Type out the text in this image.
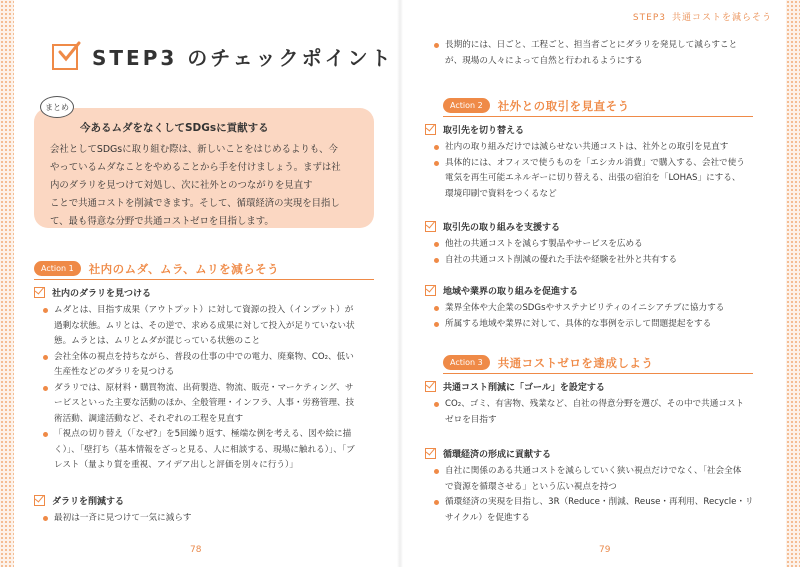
STEP3 のチェックポイント
まとめ
今あるムダをなくしてSDGsに貢献する
会社としてSDGsに取り組む際は、新しいことをはじめるよりも、今
やっているムダなことをやめることから手を付けましょう。まずは社
内のダラリを見つけて対処し、次に社外とのつながりを見直す
ことで共通コストを削減できます。そして、循環経済の実現を目指し
て、最も得意な分野で共通コストゼロを目指します。
Action 1	社内のムダ、ムラ、ムリを減らそう
社内のダラリを見つける
ムダとは、目指す成果（アウトプット）に対して資源の投入（インプット）が
過剰な状態。ムリとは、その逆で、求める成果に対して投入が足りていない状
態。ムラとは、ムリとムダが混じっている状態のこと
会社全体の視点を持ちながら、普段の仕事の中での電力、廃棄物、CO₂、低い
生産性などのダラリを見つける
ダラリでは、原材料・購買物流、出荷製造、物流、販売・マーケティング、サ
ービスといった主要な活動のほか、全般管理・インフラ、人事・労務管理、技
術活動、調達活動など、それぞれの工程を見直す
「視点の切り替え（「なぜ?」を5回繰り返す、極端な例を考える、図や絵に描
く）」、「壁打ち（基本情報をざっと見る、人に相談する、現場に触れる）」、「ブ
レスト（量より質を重視、アイデア出しと評価を別々に行う）」
ダラリを削減する
最初は一斉に見つけて一気に減らす
78
STEP3 共通コストを減らそう
長期的には、日ごと、工程ごと、担当者ごとにダラリを発見して減らすこと
が、現場の人々によって自然と行われるようにする
Action 2	社外との取引を見直そう
取引先を切り替える
社内の取り組みだけでは減らせない共通コストは、社外との取引を見直す
具体的には、オフィスで使うものを「エシカル消費」で購入する、会社で使う
電気を再生可能エネルギーに切り替える、出張の宿泊を「LOHAS」にする、
環境印刷で資料をつくるなど
取引先の取り組みを支援する
他社の共通コストを減らす製品やサービスを広める
自社の共通コスト削減の優れた手法や経験を社外と共有する
地域や業界の取り組みを促進する
業界全体や大企業のSDGsやサステナビリティのイニシアチブに協力する
所属する地域や業界に対して、具体的な事例を示して問題提起をする
Action 3	共通コストゼロを達成しよう
共通コスト削減に「ゴール」を設定する
CO₂、ゴミ、有害物、残業など、自社の得意分野を選び、その中で共通コスト
ゼロを目指す
循環経済の形成に貢献する
自社に関係のある共通コストを減らしていく狭い視点だけでなく、「社会全体
で資源を循環させる」という広い視点を持つ
循環経済の実現を目指し、3R（Reduce・削減、Reuse・再利用、Recycle・リ
サイクル）を促進する
79
